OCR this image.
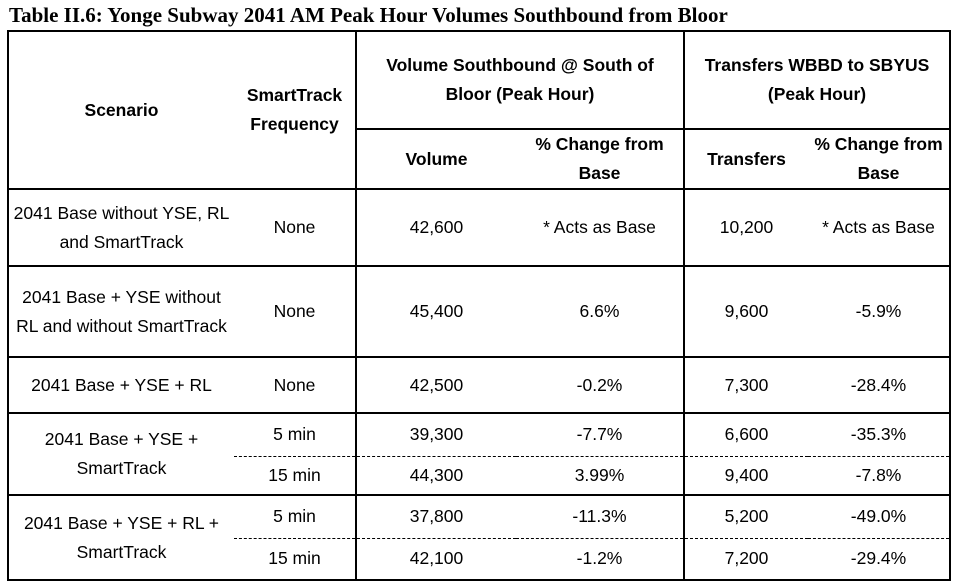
Table II.6: Yonge Subway 2041 AM Peak Hour Volumes Southbound from Bloor
Scenario	SmartTrack Frequency	Volume Southbound @ South of Bloor (Peak Hour)		Transfers WBBD to SBYUS (Peak Hour)	
		Volume	% Change from Base	Transfers	% Change from Base
2041 Base without YSE, RL and SmartTrack	None	42,600	* Acts as Base	10,200	* Acts as Base
2041 Base + YSE without RL and without SmartTrack	None	45,400	6.6%	9,600	-5.9%
2041 Base + YSE + RL	None	42,500	-0.2%	7,300	-28.4%
2041 Base + YSE + SmartTrack	5 min	39,300	-7.7%	6,600	-35.3%
	15 min	44,300	3.99%	9,400	-7.8%
2041 Base + YSE + RL + SmartTrack	5 min	37,800	-11.3%	5,200	-49.0%
	15 min	42,100	-1.2%	7,200	-29.4%
